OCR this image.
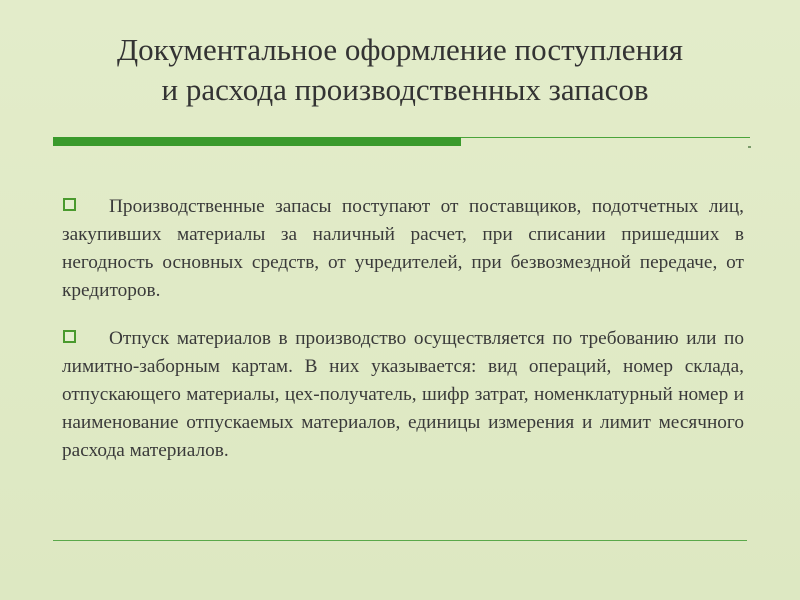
Документальное оформление поступления
и расхода производственных запасов
Производственные запасы поступают от поставщиков, подотчетных лиц, закупивших материалы за наличный расчет, при списании пришедших в негодность основных средств, от учредителей, при безвозмездной передаче, от кредиторов.
Отпуск материалов в производство осуществляется по требованию или по лимитно-заборным картам. В них указывается: вид операций, номер склада, отпускающего материалы, цех-получатель, шифр затрат, номенклатурный номер и наименование отпускаемых материалов, единицы измерения и лимит месячного расхода материалов.
